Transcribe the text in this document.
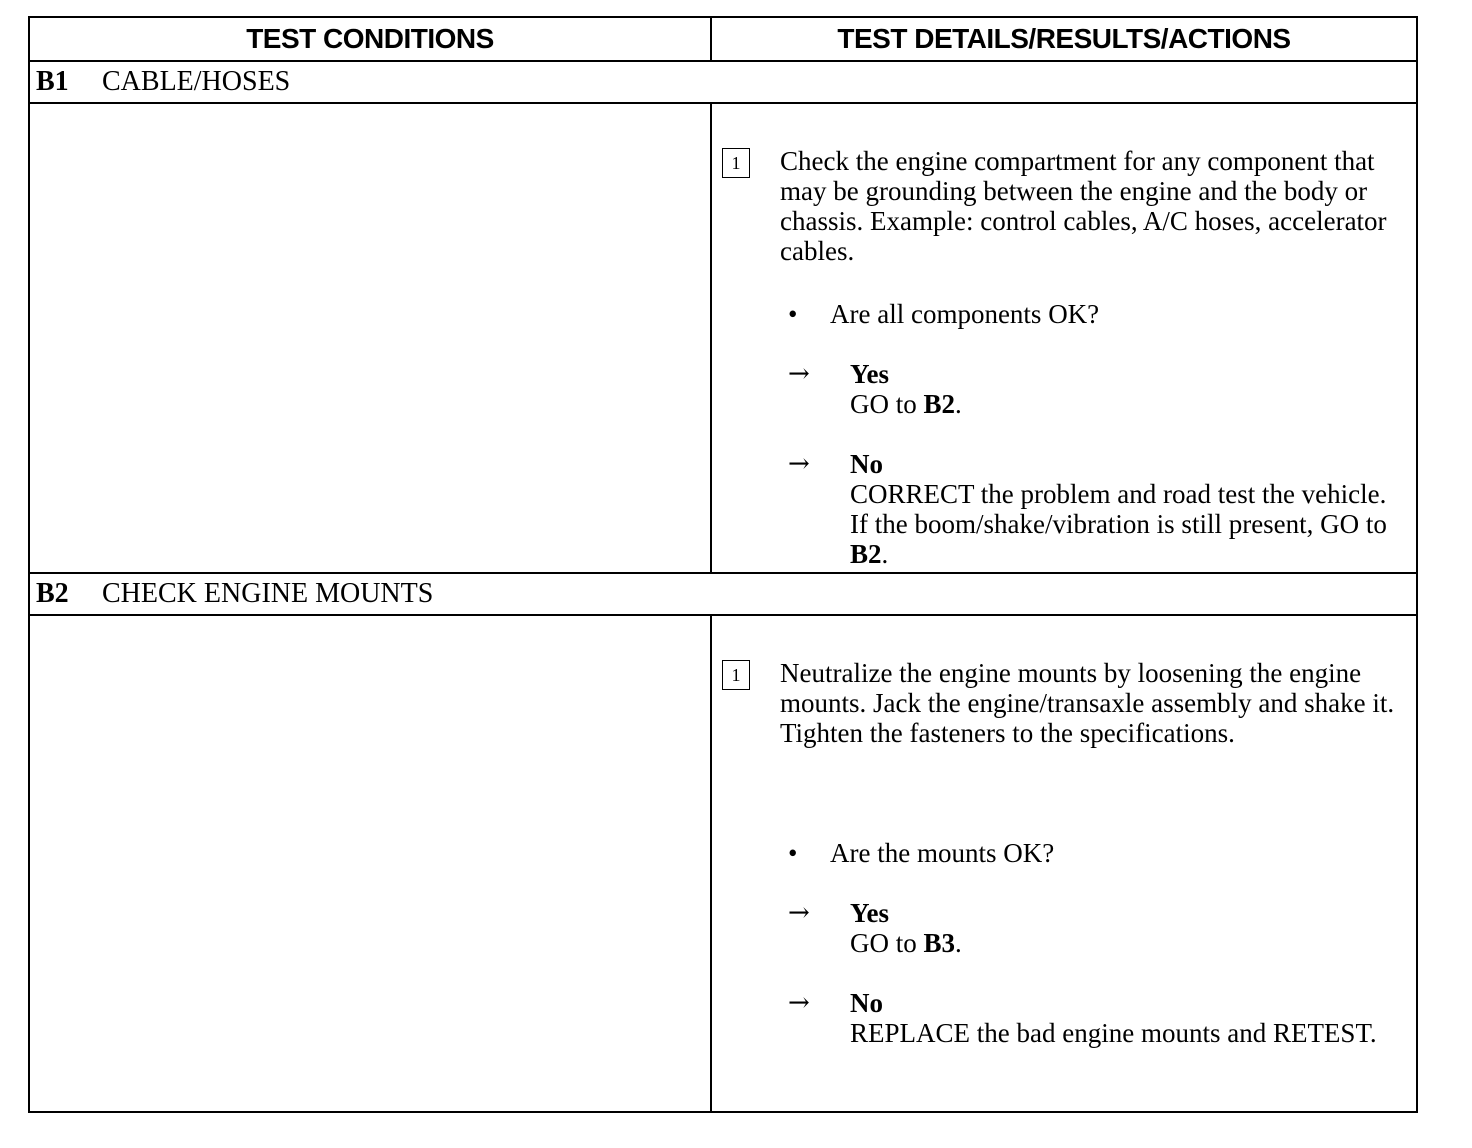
TEST CONDITIONS	TEST DETAILS/RESULTS/ACTIONS
B1 CABLE/HOSES
1	Check the engine compartment for any component that may be grounding between the engine and the body or chassis. Example: control cables, A/C hoses, accelerator cables.
• Are all components OK?
→ Yes
GO to B2.
→ No
CORRECT the problem and road test the vehicle. If the boom/shake/vibration is still present, GO to B2.
B2 CHECK ENGINE MOUNTS
1	Neutralize the engine mounts by loosening the engine mounts. Jack the engine/transaxle assembly and shake it. Tighten the fasteners to the specifications.
• Are the mounts OK?
→ Yes
GO to B3.
→ No
REPLACE the bad engine mounts and RETEST.
